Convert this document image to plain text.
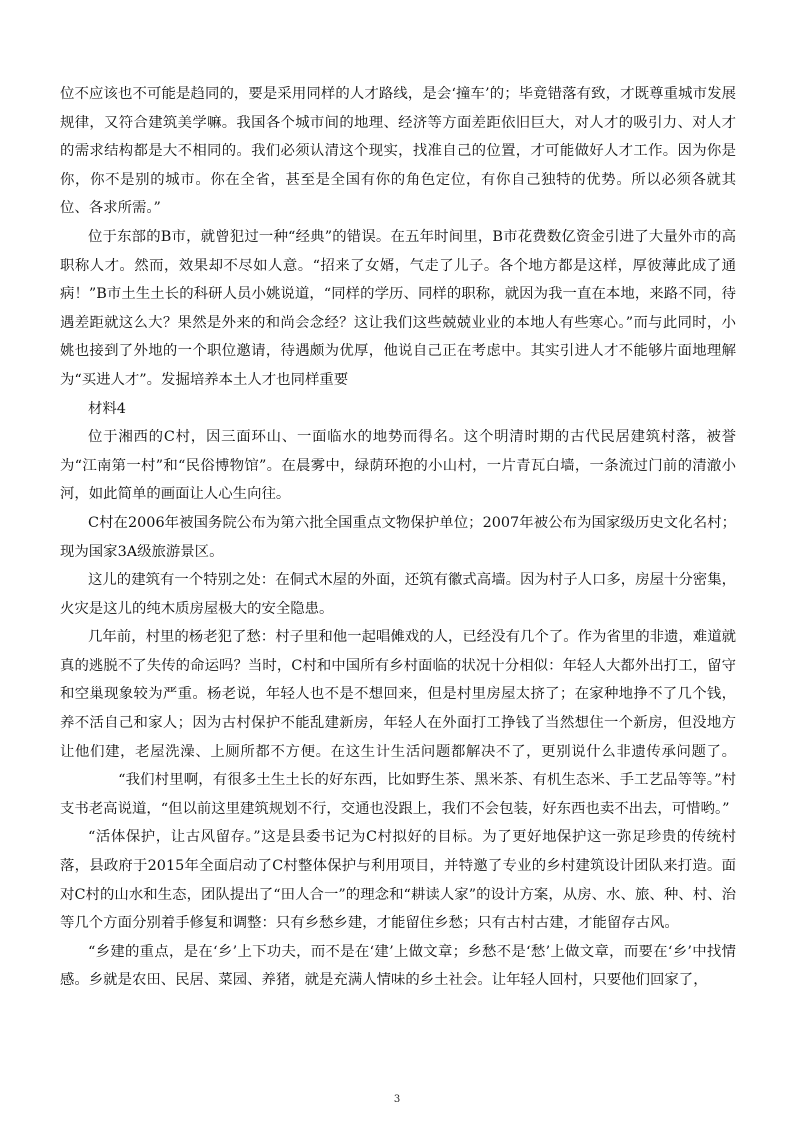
位不应该也不可能是趋同的，要是采用同样的人才路线，是会‘撞车’的；毕竟错落有致，才既尊重城市发展规律，又符合建筑美学嘛。我国各个城市间的地理、经济等方面差距依旧巨大，对人才的吸引力、对人才的需求结构都是大不相同的。我们必须认清这个现实，找准自己的位置，才可能做好人才工作。因为你是你，你不是别的城市。你在全省，甚至是全国有你的角色定位，有你自己独特的优势。所以必须各就其位、各求所需。”

位于东部的B市，就曾犯过一种“经典”的错误。在五年时间里，B市花费数亿资金引进了大量外市的高职称人才。然而，效果却不尽如人意。“招来了女婿，气走了儿子。各个地方都是这样，厚彼薄此成了通病！”B市土生土长的科研人员小姚说道，“同样的学历、同样的职称，就因为我一直在本地，来路不同，待遇差距就这么大？果然是外来的和尚会念经？这让我们这些兢兢业业的本地人有些寒心。”而与此同时，小姚也接到了外地的一个职位邀请，待遇颇为优厚，他说自己正在考虑中。其实引进人才不能够片面地理解为“买进人才”。发掘培养本土人才也同样重要

材料4

位于湘西的C村，因三面环山、一面临水的地势而得名。这个明清时期的古代民居建筑村落，被誉为“江南第一村”和“民俗博物馆”。在晨雾中，绿荫环抱的小山村，一片青瓦白墙，一条流过门前的清澈小河，如此简单的画面让人心生向往。

C村在2006年被国务院公布为第六批全国重点文物保护单位；2007年被公布为国家级历史文化名村；现为国家3A级旅游景区。

这儿的建筑有一个特别之处：在侗式木屋的外面，还筑有徽式高墙。因为村子人口多，房屋十分密集，火灾是这儿的纯木质房屋极大的安全隐患。

几年前，村里的杨老犯了愁：村子里和他一起唱傩戏的人，已经没有几个了。作为省里的非遗，难道就真的逃脱不了失传的命运吗？当时，C村和中国所有乡村面临的状况十分相似：年轻人大都外出打工，留守和空巢现象较为严重。杨老说，年轻人也不是不想回来，但是村里房屋太挤了；在家种地挣不了几个钱，养不活自己和家人；因为古村保护不能乱建新房，年轻人在外面打工挣钱了当然想住一个新房，但没地方让他们建，老屋洗澡、上厕所都不方便。在这生计生活问题都解决不了，更别说什么非遗传承问题了。 　　　　“我们村里啊，有很多土生土长的好东西，比如野生茶、黑米茶、有机生态米、手工艺品等等。”村支书老高说道，“但以前这里建筑规划不行，交通也没跟上，我们不会包装，好东西也卖不出去，可惜哟。”

“活体保护，让古风留存。”这是县委书记为C村拟好的目标。为了更好地保护这一弥足珍贵的传统村落，县政府于2015年全面启动了C村整体保护与利用项目，并特邀了专业的乡村建筑设计团队来打造。面对C村的山水和生态，团队提出了“田人合一”的理念和“耕读人家”的设计方案，从房、水、旅、种、村、治等几个方面分别着手修复和调整：只有乡愁乡建，才能留住乡愁；只有古村古建，才能留存古风。

“乡建的重点，是在‘乡’上下功夫，而不是在‘建’上做文章；乡愁不是‘愁’上做文章，而要在‘乡’中找情感。乡就是农田、民居、菜园、养猪，就是充满人情味的乡土社会。让年轻人回村，只要他们回家了，

3
